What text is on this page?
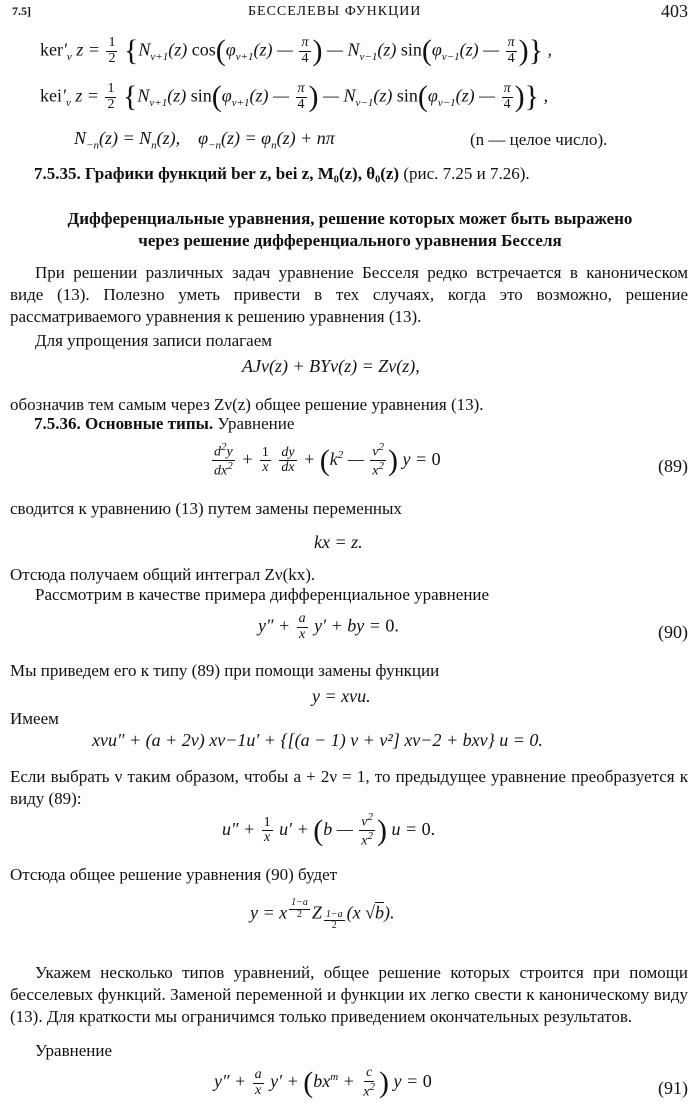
7.5]	БЕССЕЛЕВЫ ФУНКЦИИ	403
$ker'_\nu$ $z = \frac{1}{2} \{N_{\nu+1}(z)$ $\cos(\varphi_{\nu+1}(z)$ — $\frac{\pi}{4}$ ) — $N_{\nu-1}(z)$ $\sin(\varphi_{\nu-1}(z)$ — $\frac{\pi}{4}$ )} ,
$kei'_\nu$ $z = \frac{1}{2} \{N_{\nu+1}(z)$ $\sin(\varphi_{\nu+1}(z)$ — $\frac{\pi}{4}$ ) — $N_{\nu-1}(z)$ $\sin(\varphi_{\nu-1}(z)$ — $\frac{\pi}{4}$ )} ,
$N_{-n}(z) = N_n(z)$,    $\varphi_{-n}(z) = \varphi_n(z) + n\pi$	(n — целое число).
7.5.35. Графики функций ber z, bei z, M₀(z), θ₀(z) (рис. 7.25 и 7.26).
Дифференциальные уравнения, решение которых может быть выражено
через решение дифференциального уравнения Бесселя
При решении различных задач уравнение Бесселя редко встречается в каноническом виде (13). Полезно уметь привести в тех случаях, когда это возможно, решение рассматриваемого уравнения к решению уравнения (13).
Для упрощения записи полагаем
AJν(z) + BYν(z) = Zν(z),
обозначив тем самым через Zν(z) общее решение уравнения (13).
7.5.36. Основные типы. Уравнение
$\frac{d^2y}{dx^2} + \frac{1}{x}$
$\frac{dy}{dx} + (k^2$ — $\frac{\nu^2}{x^2}$ ) y = 0	(89)
сводится к уравнению (13) путем замены переменных
kx = z.
Отсюда получаем общий интеграл Zν(kx).
Рассмотрим в качестве примера дифференциальное уравнение
$y'' + \frac{a}{x} y'$ + by = 0.	(90)
Мы приведем его к типу (89) при помощи замены функции
y = xνu.
Имеем
xνu″ + (a + 2ν) xν−1u′ + {[(a − 1) ν + ν²] xν−2 + bxν} u = 0.
Если выбрать ν таким образом, чтобы a + 2ν = 1, то предыдущее уравнение преобразуется к виду (89):
$u'' + \frac{1}{x} u' + (b$ — $\frac{\nu^2}{x^2}$ ) u = 0.
Отсюда общее решение уравнения (90) будет
y = x $^{\frac{1-a}{2}}$ Z $_{\frac{1-a}{2}}$ (x √b).
Укажем несколько типов уравнений, общее решение которых строится при помощи бесселевых функций. Заменой переменной и функции их легко свести к каноническому виду (13). Для краткости мы ограничимся только приведением окончательных результатов.
Уравнение
$y'' + \frac{a}{x} y' + (bx^m + \frac{c}{x^2}$ ) y = 0	(91)
